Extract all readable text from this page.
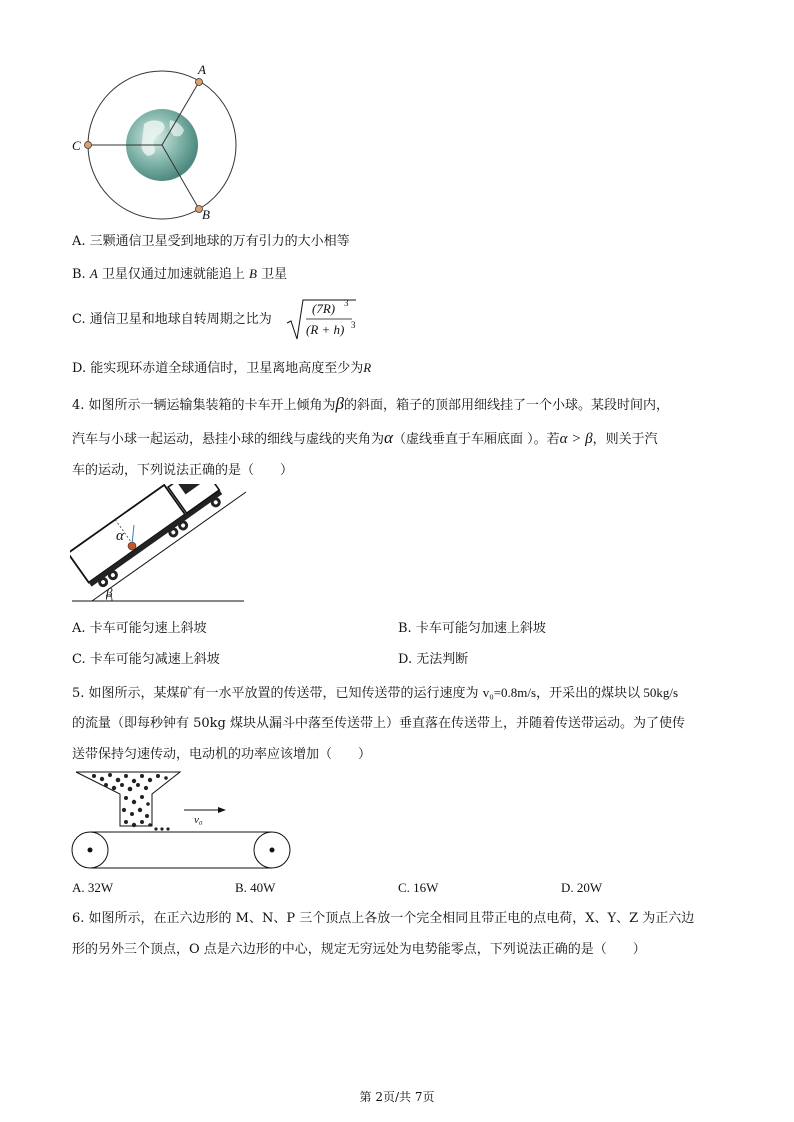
A
C
B
A. 三颗通信卫星受到地球的万有引力的大小相等
B. A 卫星仅通过加速就能追上 B 卫星
C. 通信卫星和地球自转周期之比为
(7R) 3
(R + h) 3
D. 能实现环赤道全球通信时，卫星离地高度至少为R
4. 如图所示一辆运输集装箱的卡车开上倾角为β的斜面，箱子的顶部用细线挂了一个小球。某段时间内，
汽车与小球一起运动，悬挂小球的细线与虚线的夹角为α（虚线垂直于车厢底面 ）。若α > β，则关于汽
车的运动，下列说法正确的是（　　）
α
β
A. 卡车可能匀速上斜坡	B. 卡车可能匀加速上斜坡
C. 卡车可能匀减速上斜坡	D. 无法判断
5. 如图所示，某煤矿有一水平放置的传送带，已知传送带的运行速度为 v₀=0.8m/s，开采出的煤块以 50kg/s
的流量（即每秒钟有 50kg 煤块从漏斗中落至传送带上）垂直落在传送带上，并随着传送带运动。为了使传
送带保持匀速传动，电动机的功率应该增加（　　）
v₀
A. 32W	B. 40W	C. 16W	D. 20W
6. 如图所示，在正六边形的 M、N、P 三个顶点上各放一个完全相同且带正电的点电荷，X、Y、Z 为正六边
形的另外三个顶点，O 点是六边形的中心，规定无穷远处为电势能零点，下列说法正确的是（　　）
第 2页/共 7页
